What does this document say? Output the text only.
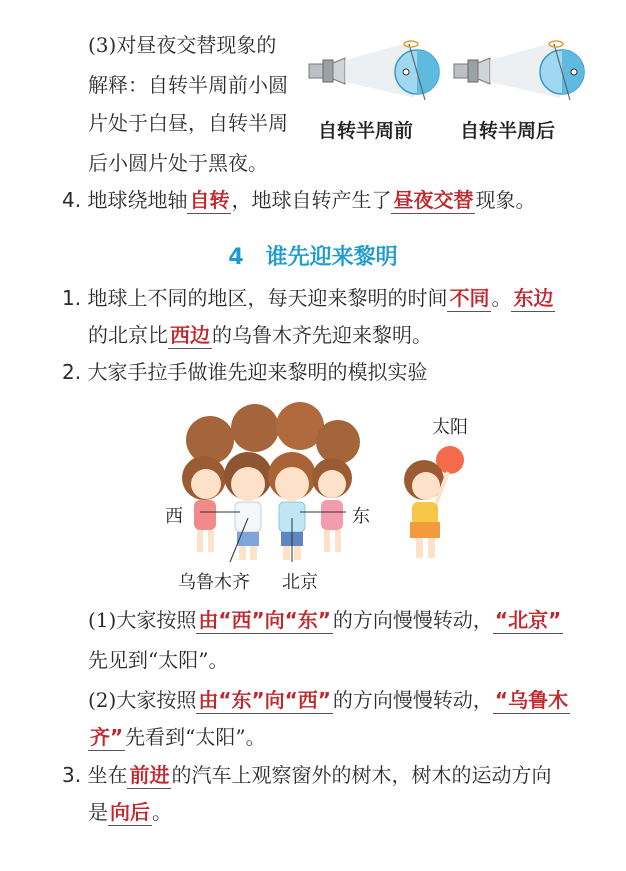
(3)对昼夜交替现象的
解释：自转半周前小圆
片处于白昼，自转半周
后小圆片处于黑夜。
自转半周前 自转半周后
4. 地球绕地轴 自转 ，地球自转产生了 昼夜交替 现象。
4　谁先迎来黎明
1. 地球上不同的地区，每天迎来黎明的时间 不同 。 东边
的北京比 西边 的乌鲁木齐先迎来黎明。
2. 大家手拉手做谁先迎来黎明的模拟实验
西	东
太阳
乌鲁木齐 北京
(1)大家按照 由“西”向“东” 的方向慢慢转动， “北京”
先见到“太阳”。
(2)大家按照 由“东”向“西” 的方向慢慢转动， “乌鲁木
齐” 先看到“太阳”。
3. 坐在 前进 的汽车上观察窗外的树木，树木的运动方向
是 向后 。
